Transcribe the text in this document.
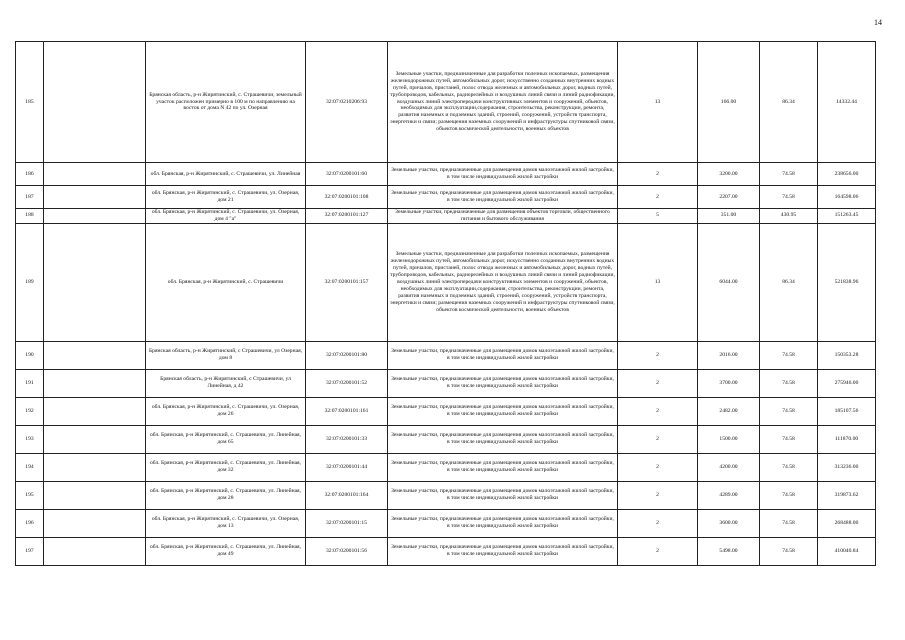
14
185		Брянская область, р-н Жирятинский, с. Страшевичи, земельный участок расположен примерно в 100 м по направлению на восток от дома N 42 по ул. Озерная	32:07:0210206:93	Земельные участки, предназначенные для разработки полезных ископаемых, размещения железнодорожных путей, автомобильных дорог, искусственно созданных внутренних водных путей, причалов, пристаней, полос отвода железных и автомобильных дорог, водных путей, трубопроводов, кабельных, радиорелейных и воздушных линий связи и линий радиофикации, воздушных линий электропередачи конструктивных элементов и сооружений, объектов, необходимых для эксплуатации,содержания, строительства, реконструкции, ремонта, развития наземных и подземных зданий, строений, сооружений, устройств транспорта, энергетики и связи; размещения наземных сооружений и инфраструктуры спутниковой связи, объектов космической деятельности, военных объектов	13	166.00	86.34	14332.44
186		обл. Брянская, р-н Жирятинский, с. Страшевичи, ул. Линейная	32:07:0200101:60	Земельные участки, предназначенные для размещения домов малоэтажной жилой застройки, в том числе индивидуальной жилой застройки	2	3200.00	74.58	238656.00
187		обл. Брянская, р-н Жирятинский, с. Страшевичи, ул. Озерная, дом 21	32:07:0200101:108	Земельные участки, предназначенные для размещения домов малоэтажной жилой застройки, в том числе индивидуальной жилой застройки	2	2207.00	74.58	164598.06
188		обл. Брянская, р-н Жирятинский, с. Страшевичи, ул. Озерная, дом 4 "а"	32:07:0200101:127	Земельные участки, предназначенные для размещения объектов торговли, общественного питания и бытового обслуживания	5	351.00	430.95	151263.45
189		обл. Брянская, р-н Жирятинский, с. Страшевичи	32:07:0200101:157	Земельные участки, предназначенные для разработки полезных ископаемых, размещения железнодорожных путей, автомобильных дорог, искусственно созданных внутренних водных путей, причалов, пристаней, полос отвода железных и автомобильных дорог, водных путей, трубопроводов, кабельных, радиорелейных и воздушных линий связи и линий радиофикации, воздушных линий электропередачи конструктивных элементов и сооружений, объектов, необходимых для эксплуатации,содержания, строительства, реконструкции, ремонта, развития наземных и подземных зданий, строений, сооружений, устройств транспорта, энергетики и связи; размещения наземных сооружений и инфраструктуры спутниковой связи, объектов космической деятельности, военных объектов	13	6044.00	86.34	521838.96
190		Брянская область, р-н Жирятинский, с Страшевичи, ул Озерная, дом 8	32:07:0200101:80	Земельные участки, предназначенные для размещения домов малоэтажной жилой застройки, в том числе индивидуальной жилой застройки	2	2016.00	74.58	150353.28
191		Брянская область, р-н Жирятинский, с Страшевичи, ул Линейная, д 42	32:07:0200101:52	Земельные участки, предназначенные для размещения домов малоэтажной жилой застройки, в том числе индивидуальной жилой застройки	2	3700.00	74.58	275946.00
192		обл. Брянская, р-н Жирятинский, с. Страшевичи, ул. Озерная, дом 26	32:07:0200101:161	Земельные участки, предназначенные для размещения домов малоэтажной жилой застройки, в том числе индивидуальной жилой застройки	2	2482.00	74.58	185107.56
193		обл. Брянская, р-н Жирятинский, с. Страшевичи, ул. Линейная, дом 65	32:07:0200101:33	Земельные участки, предназначенные для размещения домов малоэтажной жилой застройки, в том числе индивидуальной жилой застройки	2	1500.00	74.58	111870.00
194		обл. Брянская, р-н Жирятинский, с. Страшевичи, ул. Линейная, дом 32	32:07:0200101:44	Земельные участки, предназначенные для размещения домов малоэтажной жилой застройки, в том числе индивидуальной жилой застройки	2	4200.00	74.58	313236.00
195		обл. Брянская, р-н Жирятинский, с. Страшевичи, ул. Линейная, дом 28	32:07:0200101:164	Земельные участки, предназначенные для размещения домов малоэтажной жилой застройки, в том числе индивидуальной жилой застройки	2	4289.00	74.58	319873.62
196		обл. Брянская, р-н Жирятинский, с. Страшевичи, ул. Озерная, дом 13	32:07:0200101:15	Земельные участки, предназначенные для размещения домов малоэтажной жилой застройки, в том числе индивидуальной жилой застройки	2	3600.00	74.58	268488.00
197		обл. Брянская, р-н Жирятинский, с. Страшевичи, ул. Линейная, дом 49	32:07:0200101:56	Земельные участки, предназначенные для размещения домов малоэтажной жилой застройки, в том числе индивидуальной жилой застройки	2	5498.00	74.58	410040.84
